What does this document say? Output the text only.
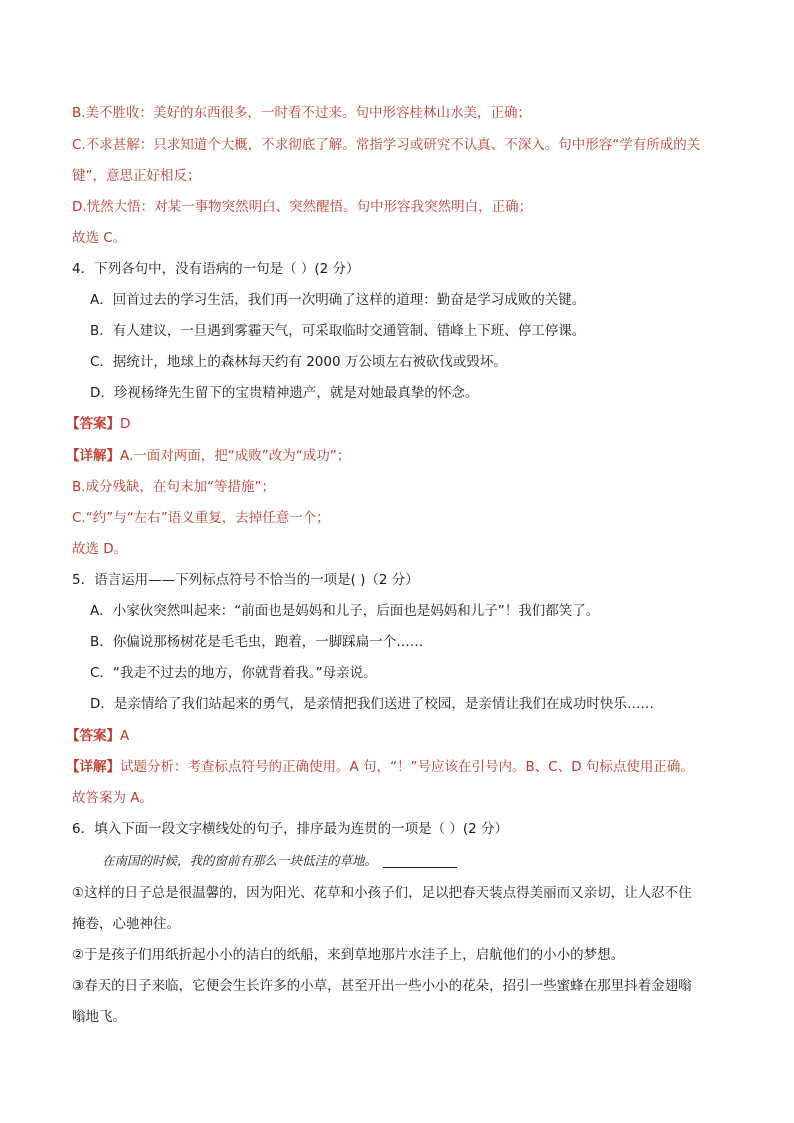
B.美不胜收：美好的东西很多，一时看不过来。句中形容桂林山水美，正确；
C.不求甚解：只求知道个大概，不求彻底了解。常指学习或研究不认真、不深入。句中形容“学有所成的关
键”，意思正好相反；
D.恍然大悟：对某一事物突然明白、突然醒悟。句中形容我突然明白，正确；
故选 C。
4．下列各句中，没有语病的一句是（ ）(2 分）
A．回首过去的学习生活，我们再一次明确了这样的道理：勤奋是学习成败的关键。
B．有人建议，一旦遇到雾霾天气，可采取临时交通管制、错峰上下班、停工停课。
C．据统计，地球上的森林每天约有 2000 万公顷左右被砍伐或毁坏。
D．珍视杨绛先生留下的宝贵精神遗产，就是对她最真挚的怀念。
【答案】D
【详解】A.一面对两面，把“成败”改为“成功”；
B.成分残缺，在句末加“等措施”；
C.“约”与“左右”语义重复，去掉任意一个；
故选 D。
5．语言运用——下列标点符号不恰当的一项是( )（2 分）
A．小家伙突然叫起来：“前面也是妈妈和儿子，后面也是妈妈和儿子”！我们都笑了。
B．你偏说那杨树花是毛毛虫，跑着，一脚踩扁一个……
C．“我走不过去的地方，你就背着我。”母亲说。
D．是亲情给了我们站起来的勇气，是亲情把我们送进了校园，是亲情让我们在成功时快乐……
【答案】A
【详解】试题分析：考查标点符号的正确使用。A 句，“！”号应该在引号内。B、C、D 句标点使用正确。
故答案为 A。
6．填入下面一段文字横线处的句子，排序最为连贯的一项是（ ）(2 分）
在南国的时候，我的窗前有那么一块低洼的草地。
①这样的日子总是很温馨的，因为阳光、花草和小孩子们，足以把春天装点得美丽而又亲切，让人忍不住
掩卷，心驰神往。
②于是孩子们用纸折起小小的洁白的纸船，来到草地那片水洼子上，启航他们的小小的梦想。
③春天的日子来临，它便会生长许多的小草，甚至开出一些小小的花朵，招引一些蜜蜂在那里抖着金翅嗡
嗡地飞。
